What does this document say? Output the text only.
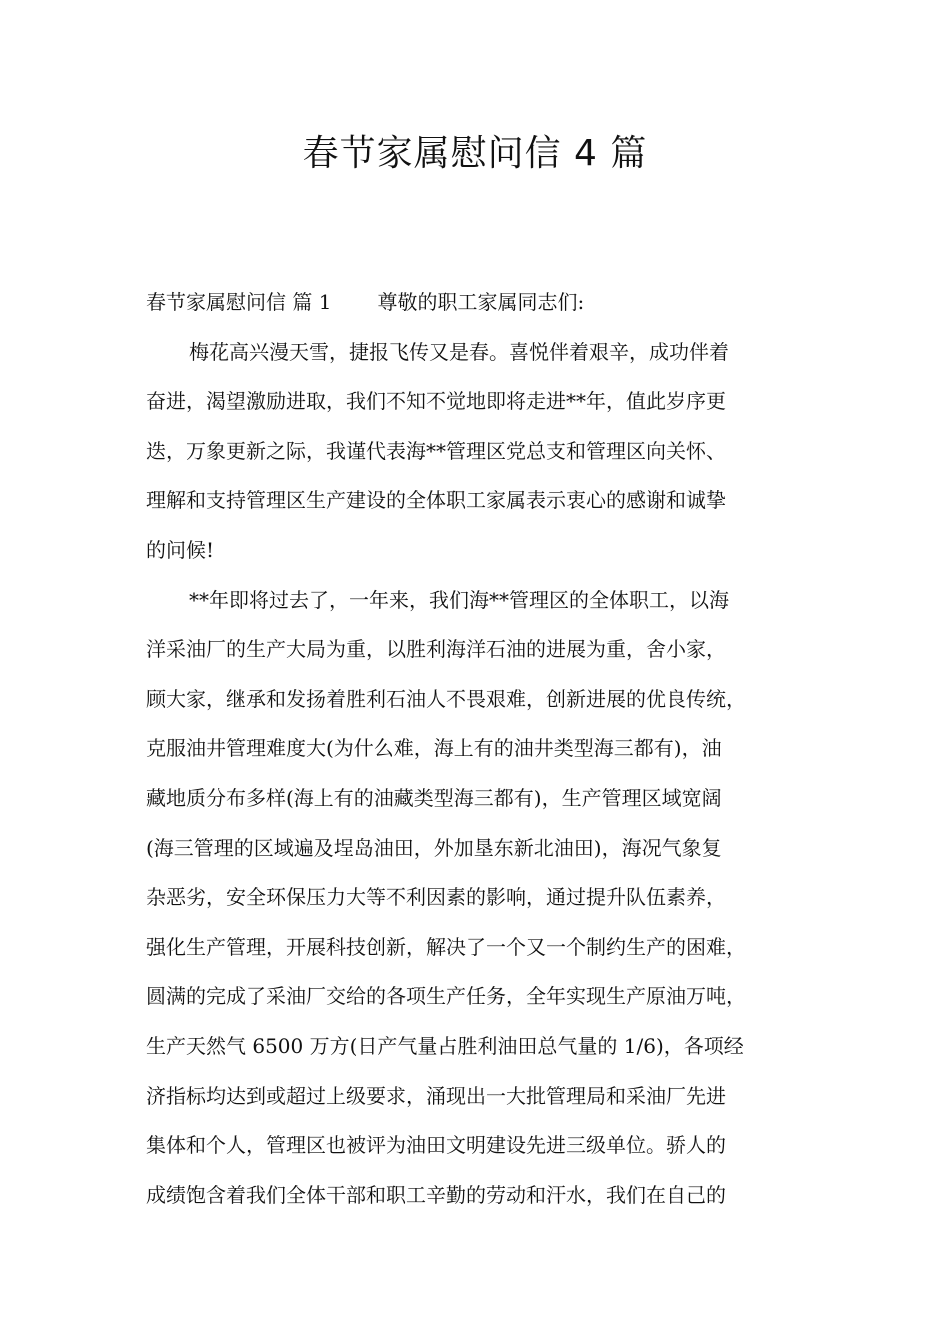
春节家属慰问信 4 篇

春节家属慰问信 篇 1 尊敬的职工家属同志们:

梅花高兴漫天雪，捷报飞传又是春。喜悦伴着艰辛，成功伴着

奋进，渴望激励进取，我们不知不觉地即将走进**年，值此岁序更

迭，万象更新之际，我谨代表海**管理区党总支和管理区向关怀、

理解和支持管理区生产建设的全体职工家属表示衷心的感谢和诚挚

的问候!

**年即将过去了，一年来，我们海**管理区的全体职工，以海

洋采油厂的生产大局为重，以胜利海洋石油的进展为重，舍小家，

顾大家，继承和发扬着胜利石油人不畏艰难，创新进展的优良传统，

克服油井管理难度大(为什么难，海上有的油井类型海三都有)，油

藏地质分布多样(海上有的油藏类型海三都有)，生产管理区域宽阔

(海三管理的区域遍及埕岛油田，外加垦东新北油田)，海况气象复

杂恶劣，安全环保压力大等不利因素的影响，通过提升队伍素养，

强化生产管理，开展科技创新，解决了一个又一个制约生产的困难，

圆满的完成了采油厂交给的各项生产任务，全年实现生产原油万吨，

生产天然气 6500 万方(日产气量占胜利油田总气量的 1/6)，各项经

济指标均达到或超过上级要求，涌现出一大批管理局和采油厂先进

集体和个人，管理区也被评为油田文明建设先进三级单位。骄人的

成绩饱含着我们全体干部和职工辛勤的劳动和汗水，我们在自己的
